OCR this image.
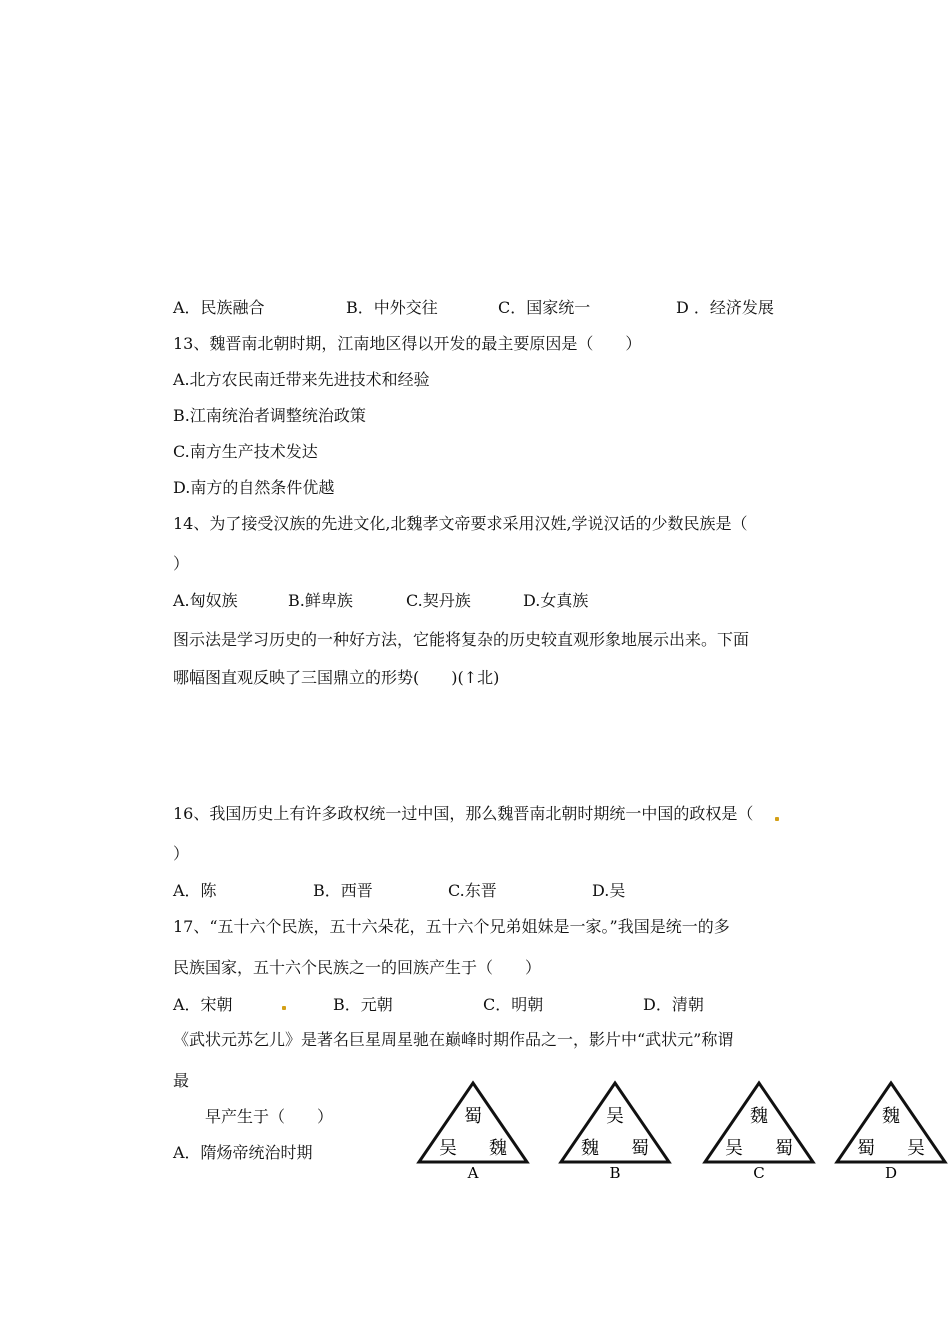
A．民族融合	B．中外交往	C．国家统一	D ．经济发展
13、魏晋南北朝时期，江南地区得以开发的最主要原因是（　　）
A.北方农民南迁带来先进技术和经验
B.江南统治者调整统治政策
C.南方生产技术发达
D.南方的自然条件优越
14、为了接受汉族的先进文化,北魏孝文帝要求采用汉姓,学说汉话的少数民族是（
）
A.匈奴族	B.鲜卑族	C.契丹族	D.女真族
图示法是学习历史的一种好方法，它能将复杂的历史较直观形象地展示出来。下面
哪幅图直观反映了三国鼎立的形势(　　)(↑北)
16、我国历史上有许多政权统一过中国，那么魏晋南北朝时期统一中国的政权是（
）
A．陈	B．西晋	C.东晋	D.吴
17、“五十六个民族，五十六朵花，五十六个兄弟姐妹是一家。”我国是统一的多
民族国家，五十六个民族之一的回族产生于（　　）
A．宋朝	B．元朝	C．明朝	D．清朝
《武状元苏乞儿》是著名巨星周星驰在巅峰时期作品之一，影片中“武状元”称谓
最
早产生于（　　）
A．隋炀帝统治时期
蜀
吴 魏
A
吴
魏 蜀
B
魏
吴 蜀
C
魏
蜀 吴
D
